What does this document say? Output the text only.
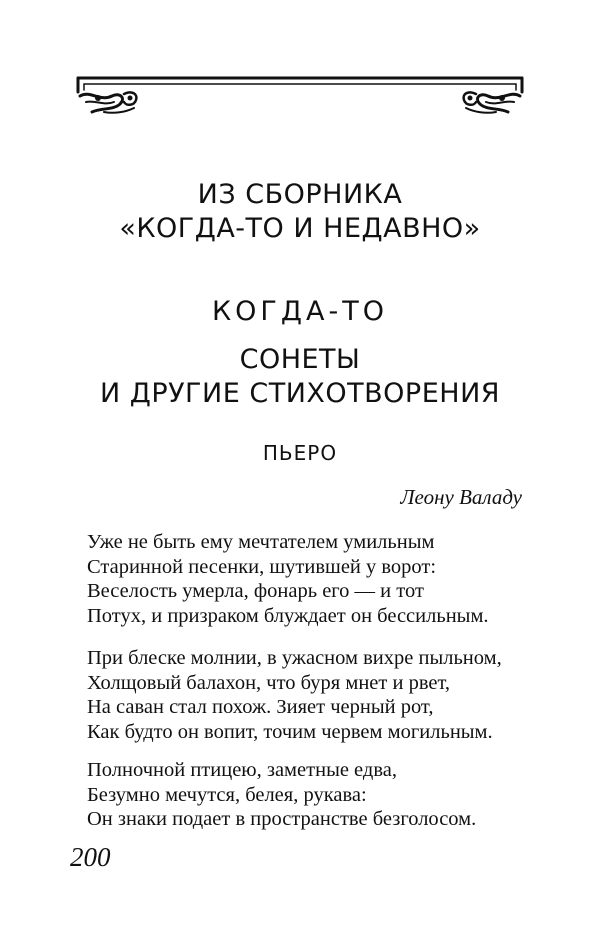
ИЗ СБОРНИКА
«КОГДА-ТО И НЕДАВНО»
КОГДА-ТО
СОНЕТЫ
И ДРУГИЕ СТИХОТВОРЕНИЯ
ПЬЕРО
Леону Валаду
Уже не быть ему мечтателем умильным
Старинной песенки, шутившей у ворот:
Веселость умерла, фонарь его — и тот
Потух, и призраком блуждает он бессильным.
При блеске молнии, в ужасном вихре пыльном,
Холщовый балахон, что буря мнет и рвет,
На саван стал похож. Зияет черный рот,
Как будто он вопит, точим червем могильным.
Полночной птицею, заметные едва,
Безумно мечутся, белея, рукава:
Он знаки подает в пространстве безголосом.
200
